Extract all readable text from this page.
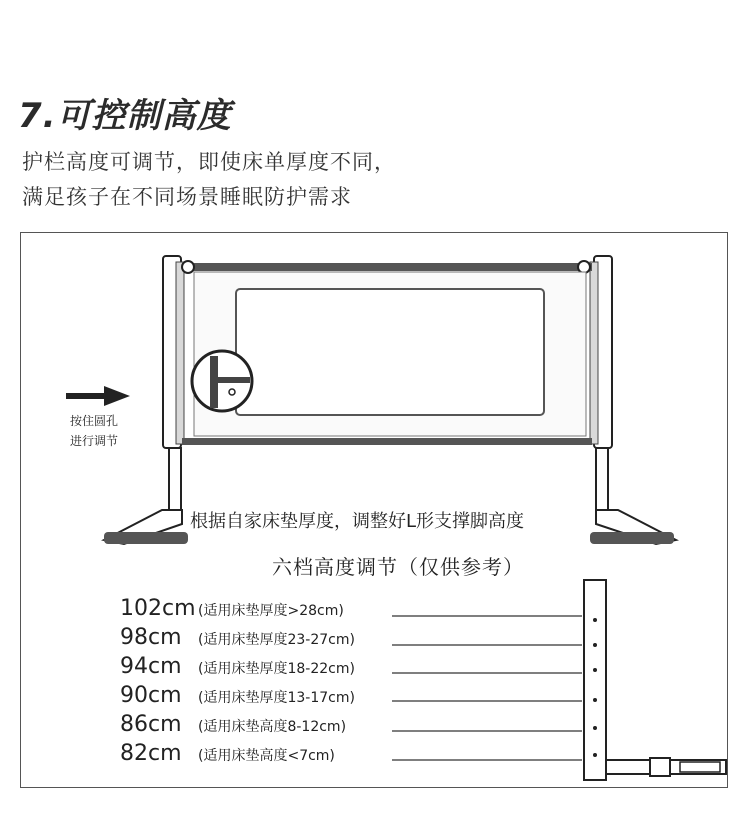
7.可控制高度
护栏高度可调节，即使床单厚度不同，
满足孩子在不同场景睡眠防护需求
按住圆孔
进行调节
根据自家床垫厚度，调整好L形支撑脚高度
六档高度调节（仅供参考）
102cm (适用床垫厚度>28cm)
98cm	(适用床垫厚度23-27cm)
94cm	(适用床垫厚度18-22cm)
90cm	(适用床垫厚度13-17cm)
86cm	(适用床垫高度8-12cm)
82cm	(适用床垫高度<7cm)
